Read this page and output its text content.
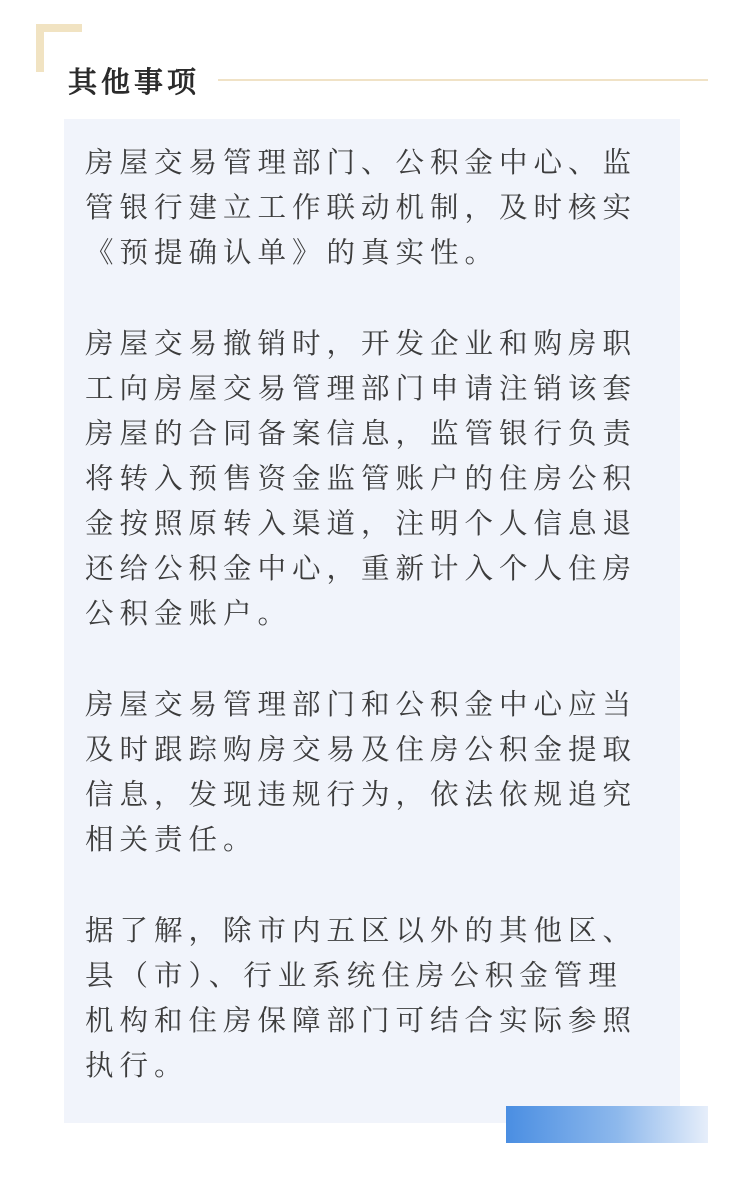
其他事项

房屋交易管理部门、公积金中心、监
管银行建立工作联动机制，及时核实
《预提确认单》的真实性。

房屋交易撤销时，开发企业和购房职
工向房屋交易管理部门申请注销该套
房屋的合同备案信息，监管银行负责
将转入预售资金监管账户的住房公积
金按照原转入渠道，注明个人信息退
还给公积金中心，重新计入个人住房
公积金账户。

房屋交易管理部门和公积金中心应当
及时跟踪购房交易及住房公积金提取
信息，发现违规行为，依法依规追究
相关责任。

据了解，除市内五区以外的其他区、
县（市）、行业系统住房公积金管理
机构和住房保障部门可结合实际参照
执行。
